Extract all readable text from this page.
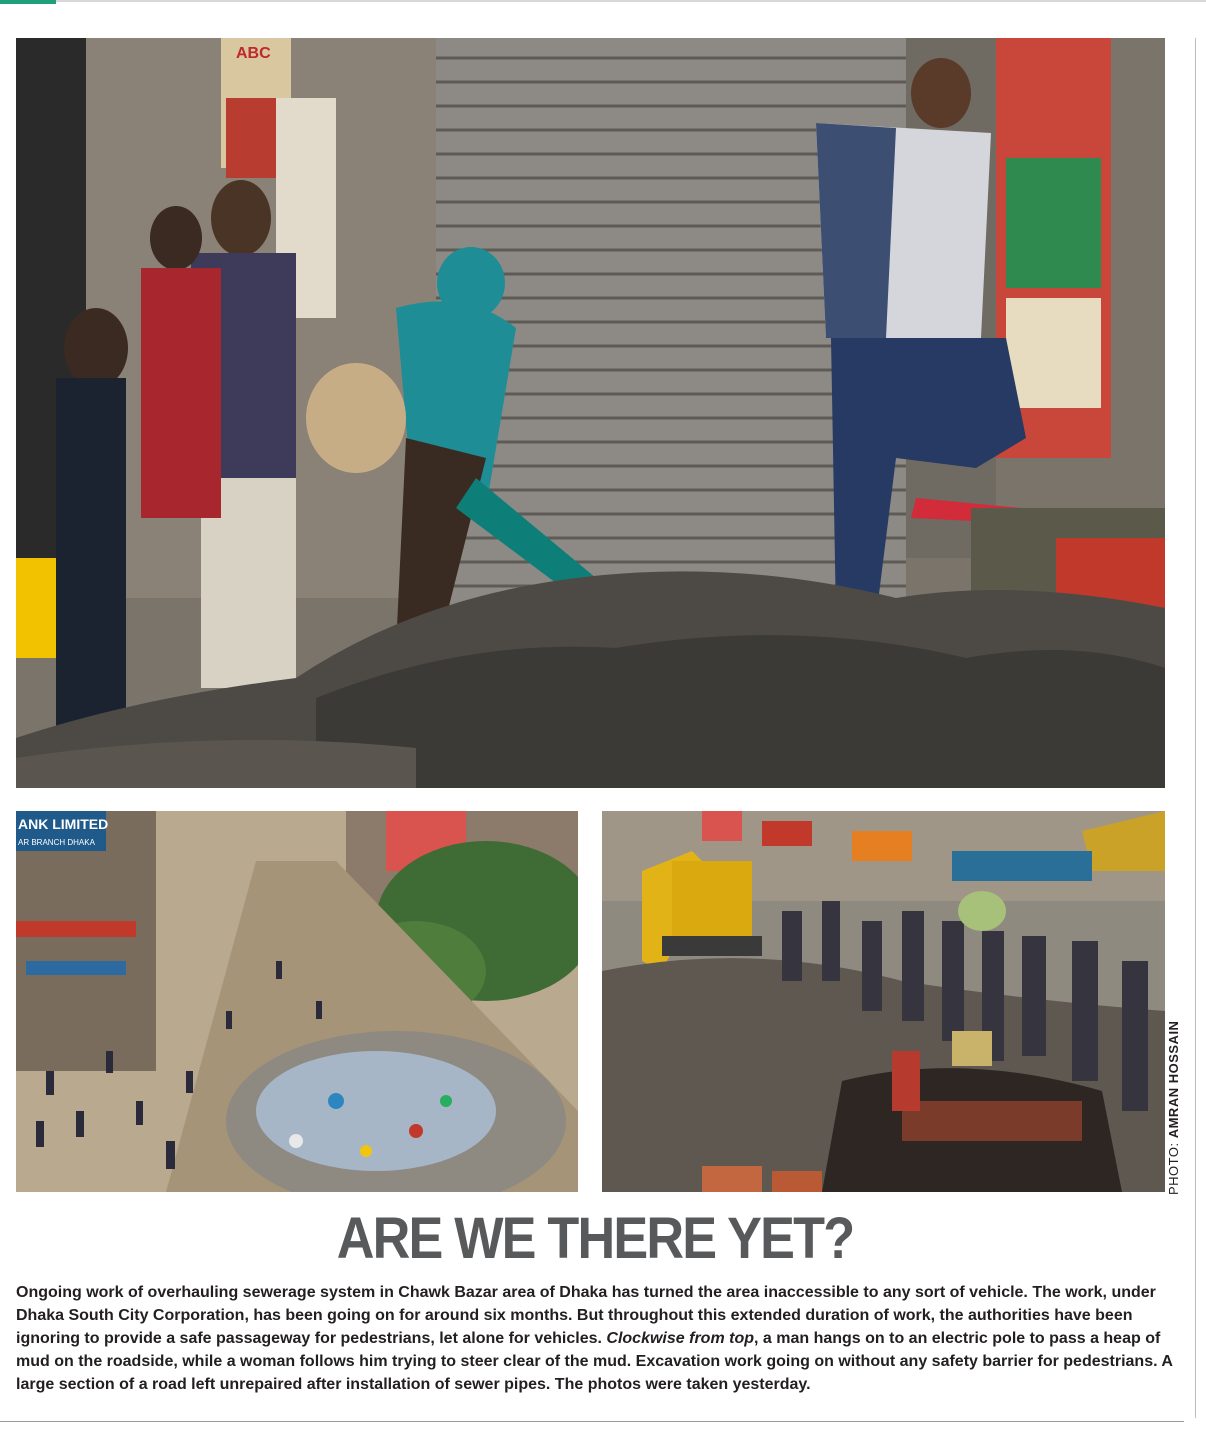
ABC
ANK LIMITED
AR BRANCH DHAKA
PHOTO: AMRAN HOSSAIN
ARE WE THERE YET?
Ongoing work of overhauling sewerage system in Chawk Bazar area of Dhaka has turned the area inaccessible to any sort of vehicle. The work, under Dhaka South City Corporation, has been going on for around six months. But throughout this extended duration of work, the authorities have been ignoring to provide a safe passageway for pedestrians, let alone for vehicles. Clockwise from top, a man hangs on to an electric pole to pass a heap of mud on the roadside, while a woman follows him trying to steer clear of the mud. Excavation work going on without any safety barrier for pedestrians. A large section of a road left unrepaired after installation of sewer pipes. The photos were taken yesterday.
